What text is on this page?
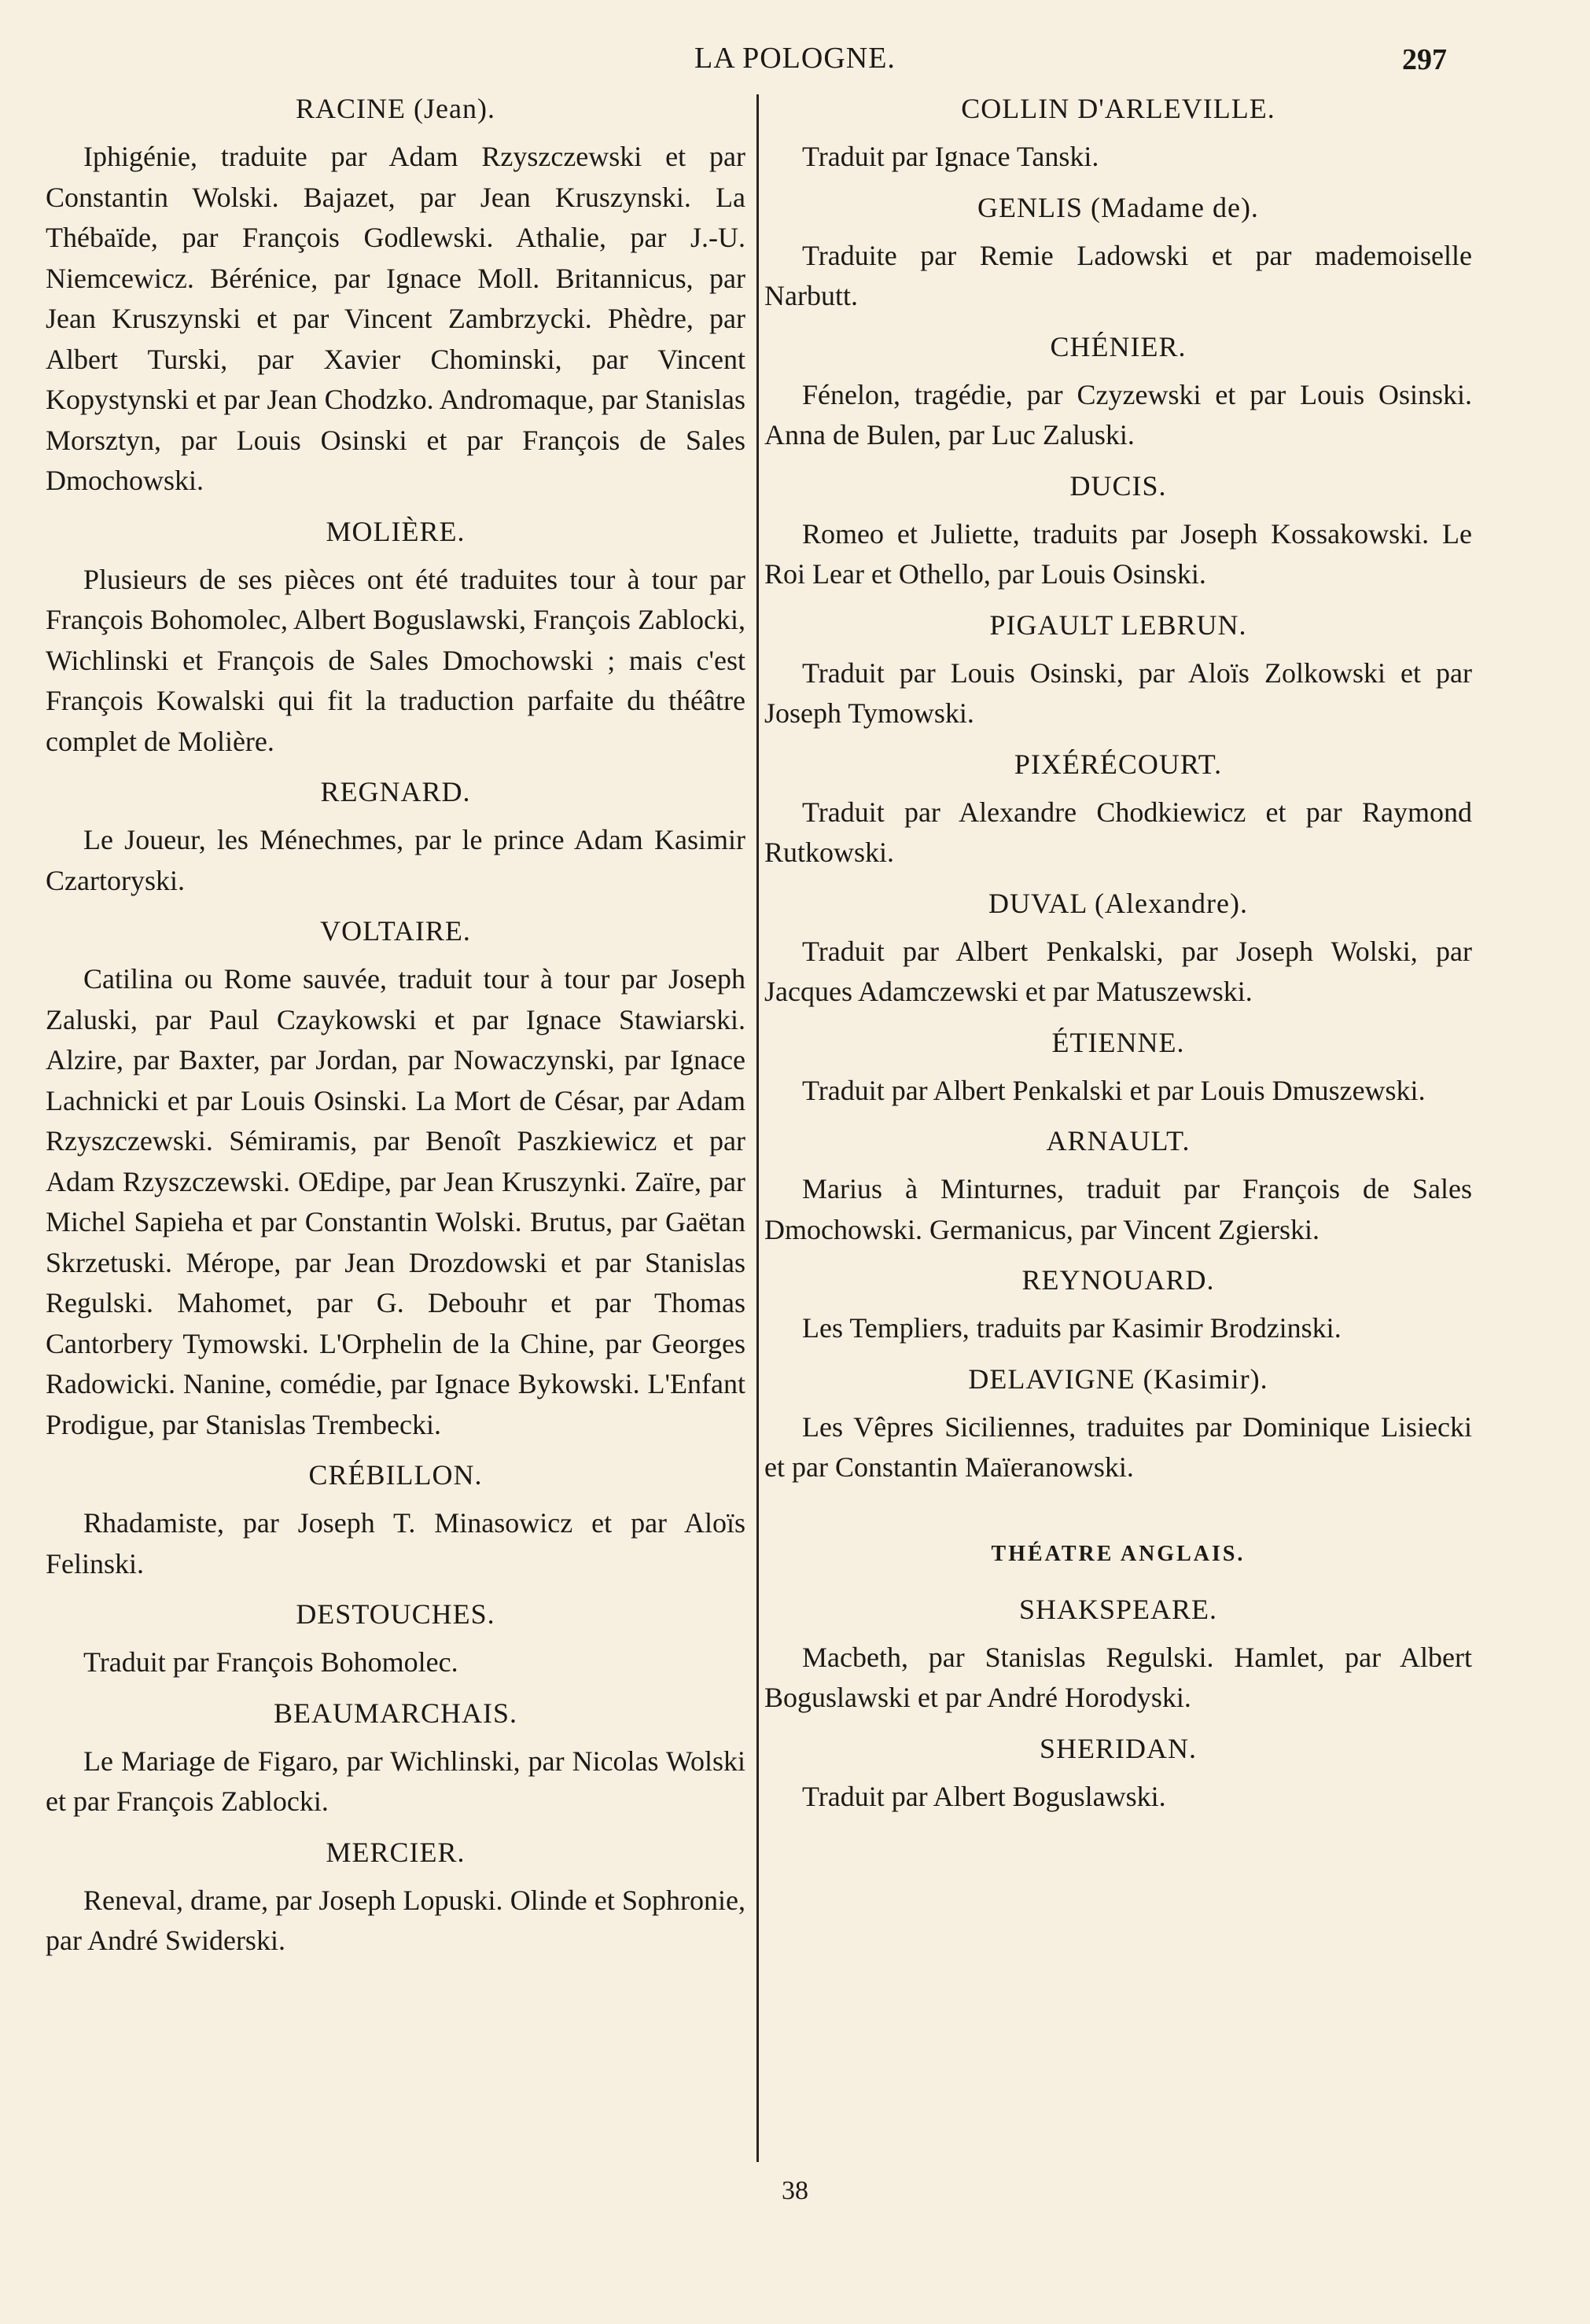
LA POLOGNE.	297
RACINE (Jean).

Iphigénie, traduite par Adam Rzyszczewski et par Constantin Wolski. Bajazet, par Jean Kruszynski. La Thébaïde, par François Godlewski. Athalie, par J.-U. Niemcewicz. Bérénice, par Ignace Moll. Britannicus, par Jean Kruszynski et par Vincent Zambrzycki. Phèdre, par Albert Turski, par Xavier Chominski, par Vincent Kopystynski et par Jean Chodzko. Andromaque, par Stanislas Morsztyn, par Louis Osinski et par François de Sales Dmochowski.

MOLIÈRE.

Plusieurs de ses pièces ont été traduites tour à tour par François Bohomolec, Albert Boguslawski, François Zablocki, Wichlinski et François de Sales Dmochowski ; mais c'est François Kowalski qui fit la traduction parfaite du théâtre complet de Molière.

REGNARD.

Le Joueur, les Ménechmes, par le prince Adam Kasimir Czartoryski.

VOLTAIRE.

Catilina ou Rome sauvée, traduit tour à tour par Joseph Zaluski, par Paul Czaykowski et par Ignace Stawiarski. Alzire, par Baxter, par Jordan, par Nowaczynski, par Ignace Lachnicki et par Louis Osinski. La Mort de César, par Adam Rzyszczewski. Sémiramis, par Benoît Paszkiewicz et par Adam Rzyszczewski. OEdipe, par Jean Kruszynki. Zaïre, par Michel Sapieha et par Constantin Wolski. Brutus, par Gaëtan Skrzetuski. Mérope, par Jean Drozdowski et par Stanislas Regulski. Mahomet, par G. Debouhr et par Thomas Cantorbery Tymowski. L'Orphelin de la Chine, par Georges Radowicki. Nanine, comédie, par Ignace Bykowski. L'Enfant Prodigue, par Stanislas Trembecki.

CRÉBILLON.

Rhadamiste, par Joseph T. Minasowicz et par Aloïs Felinski.

DESTOUCHES.

Traduit par François Bohomolec.

BEAUMARCHAIS.

Le Mariage de Figaro, par Wichlinski, par Nicolas Wolski et par François Zablocki.

MERCIER.

Reneval, drame, par Joseph Lopuski. Olinde et Sophronie, par André Swiderski.

COLLIN D'ARLEVILLE.

Traduit par Ignace Tanski.

GENLIS (Madame de).

Traduite par Remie Ladowski et par mademoiselle Narbutt.

CHÉNIER.

Fénelon, tragédie, par Czyzewski et par Louis Osinski. Anna de Bulen, par Luc Zaluski.

DUCIS.

Romeo et Juliette, traduits par Joseph Kossakowski. Le Roi Lear et Othello, par Louis Osinski.

PIGAULT LEBRUN.

Traduit par Louis Osinski, par Aloïs Zolkowski et par Joseph Tymowski.

PIXÉRÉCOURT.

Traduit par Alexandre Chodkiewicz et par Raymond Rutkowski.

DUVAL (Alexandre).

Traduit par Albert Penkalski, par Joseph Wolski, par Jacques Adamczewski et par Matuszewski.

ÉTIENNE.

Traduit par Albert Penkalski et par Louis Dmuszewski.

ARNAULT.

Marius à Minturnes, traduit par François de Sales Dmochowski. Germanicus, par Vincent Zgierski.

REYNOUARD.

Les Templiers, traduits par Kasimir Brodzinski.

DELAVIGNE (Kasimir).

Les Vêpres Siciliennes, traduites par Dominique Lisiecki et par Constantin Maïeranowski.

THÉATRE ANGLAIS.
SHAKSPEARE.

Macbeth, par Stanislas Regulski. Hamlet, par Albert Boguslawski et par André Horodyski.

SHERIDAN.

Traduit par Albert Boguslawski.

38
